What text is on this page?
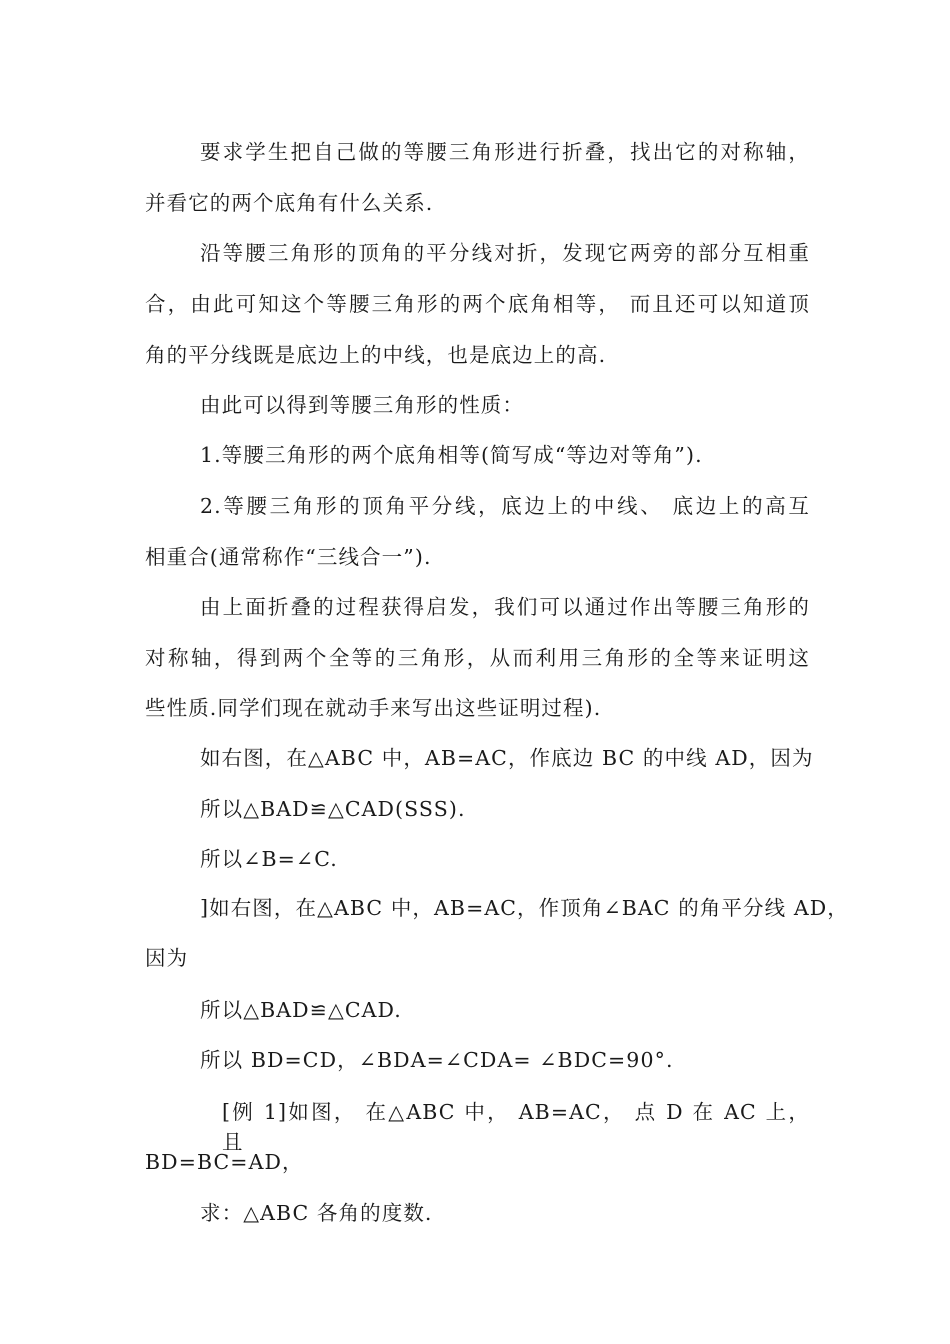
要求学生把自己做的等腰三角形进行折叠，找出它的对称轴，
并看它的两个底角有什么关系.
沿等腰三角形的顶角的平分线对折，发现它两旁的部分互相重
合，由此可知这个等腰三角形的两个底角相等， 而且还可以知道顶
角的平分线既是底边上的中线，也是底边上的高.
由此可以得到等腰三角形的性质：
1.等腰三角形的两个底角相等(简写成“等边对等角”).
2.等腰三角形的顶角平分线，底边上的中线、 底边上的高互
相重合(通常称作“三线合一”).
由上面折叠的过程获得启发，我们可以通过作出等腰三角形的
对称轴，得到两个全等的三角形，从而利用三角形的全等来证明这
些性质.同学们现在就动手来写出这些证明过程).
如右图，在△ABC 中，AB=AC，作底边 BC 的中线 AD，因为
所以△BAD≌△CAD(SSS).
所以∠B=∠C.
]如右图，在△ABC 中，AB=AC，作顶角∠BAC 的角平分线 AD，
因为
所以△BAD≌△CAD.
所以 BD=CD，∠BDA=∠CDA= ∠BDC=90°.
[例 1]如图， 在△ABC 中， AB=AC， 点 D 在 AC 上， 且
BD=BC=AD，
求：△ABC 各角的度数.
